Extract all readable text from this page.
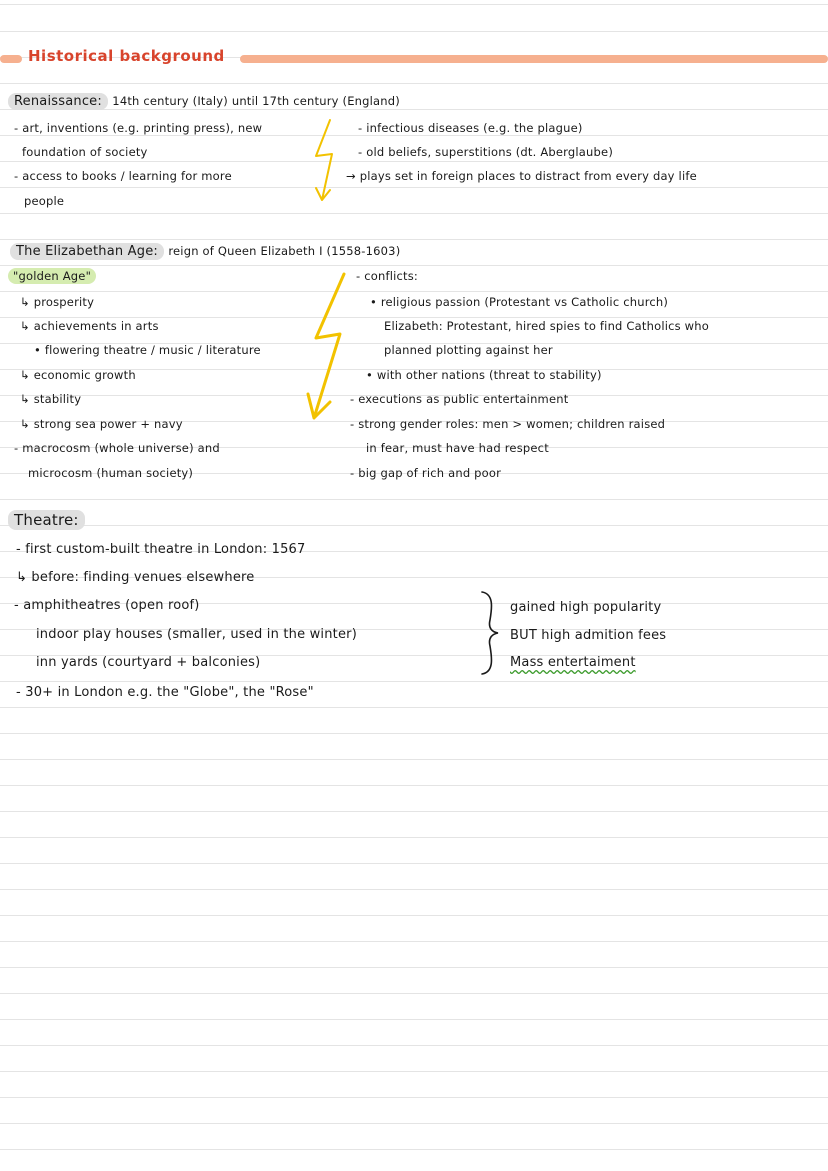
Historical background
Renaissance: 14th century (Italy) until 17th century (England)
- art, inventions (e.g. printing press), new
foundation of society
- access to books / learning for more
people
- infectious diseases (e.g. the plague)
- old beliefs, superstitions (dt. Aberglaube)
→ plays set in foreign places to distract from every day life
The Elizabethan Age: reign of Queen Elizabeth I (1558-1603)
"golden Age"
↳ prosperity
↳ achievements in arts
• flowering theatre / music / literature
↳ economic growth
↳ stability
↳ strong sea power + navy
- macrocosm (whole universe) and
microcosm (human society)
- conflicts:
• religious passion (Protestant vs Catholic church)
Elizabeth: Protestant, hired spies to find Catholics who
planned plotting against her
• with other nations (threat to stability)
- executions as public entertainment
- strong gender roles: men > women; children raised
in fear, must have had respect
- big gap of rich and poor
Theatre:
- first custom-built theatre in London: 1567
↳ before: finding venues elsewhere
- amphitheatres (open roof)
indoor play houses (smaller, used in the winter)
inn yards (courtyard + balconies)
- 30+ in London e.g. the "Globe", the "Rose"
gained high popularity
BUT high admition fees
Mass entertaiment
